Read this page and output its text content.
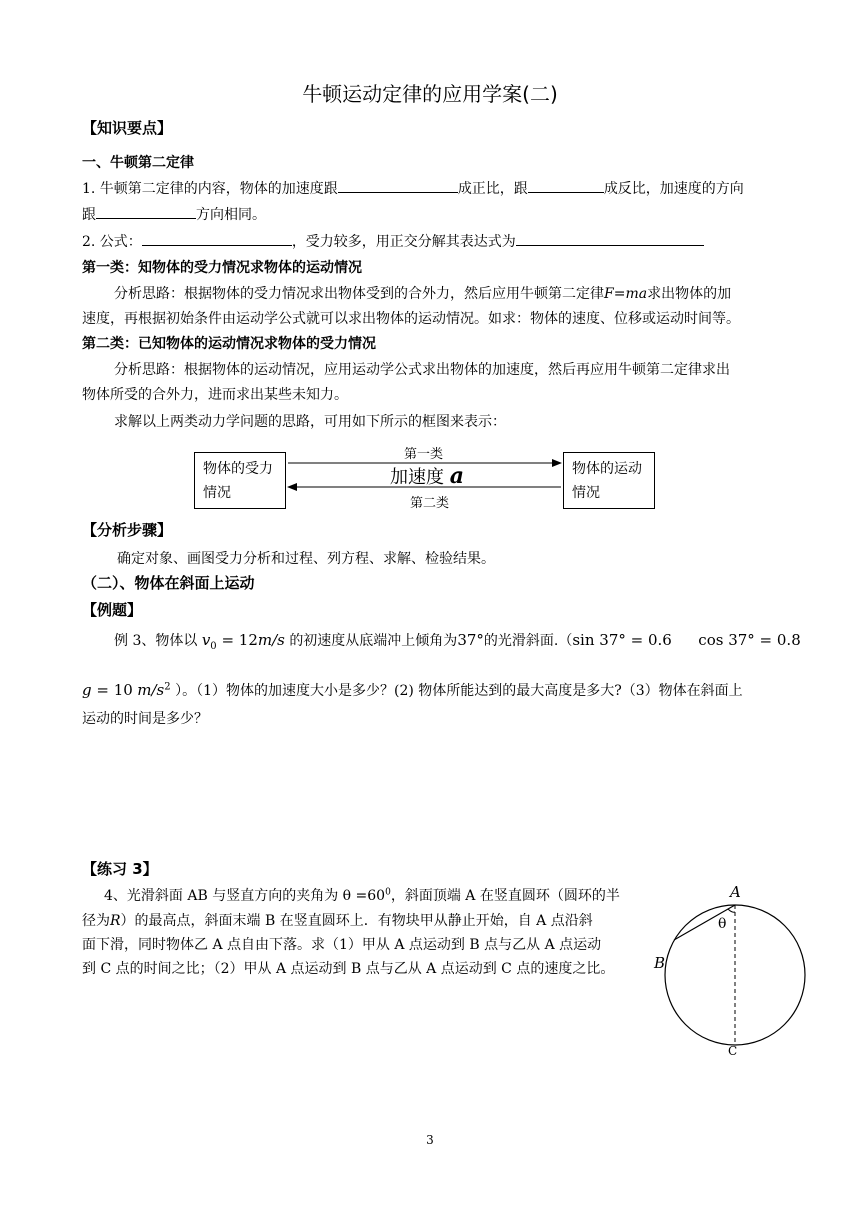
牛顿运动定律的应用学案(二)
【知识要点】
一、牛顿第二定律
1. 牛顿第二定律的内容，物体的加速度跟	成正比，跟	成反比，加速度的方向
跟	方向相同。
2. 公式：	，受力较多，用正交分解其表达式为
第一类：知物体的受力情况求物体的运动情况
分析思路：根据物体的受力情况求出物体受到的合外力，然后应用牛顿第二定律F=ma求出物体的加
速度，再根据初始条件由运动学公式就可以求出物体的运动情况。如求：物体的速度、位移或运动时间等。
第二类：已知物体的运动情况求物体的受力情况
分析思路：根据物体的运动情况，应用运动学公式求出物体的加速度，然后再应用牛顿第二定律求出
物体所受的合外力，进而求出某些未知力。
求解以上两类动力学问题的思路，可用如下所示的框图来表示：
物体的受力情况
物体的运动情况
第一类
加速度 a
第二类
【分析步骤】
确定对象、画图受力分析和过程、列方程、求解、检验结果。
（二）、物体在斜面上运动
【例题】
例 3、物体以 $v_0 = 12m/s$ 的初速度从底端冲上倾角为37°的光滑斜面.（sin 37° = 0.6 cos 37° = 0.8
g = 10 $m/s^2$ ）。（1）物体的加速度大小是多少？(2) 物体所能达到的最大高度是多大?（3）物体在斜面上
运动的时间是多少？
【练习 3】
4、光滑斜面 AB 与竖直方向的夹角为 $\theta =60^0$，斜面顶端 A 在竖直圆环（圆环的半
径为R）的最高点，斜面末端 B 在竖直圆环上．有物块甲从静止开始，自 A 点沿斜
面下滑，同时物体乙 A 点自由下落。求（1）甲从 A 点运动到 B 点与乙从 A 点运动
到 C 点的时间之比；（2）甲从 A 点运动到 B 点与乙从 A 点运动到 C 点的速度之比。
A
B
C
θ
3
